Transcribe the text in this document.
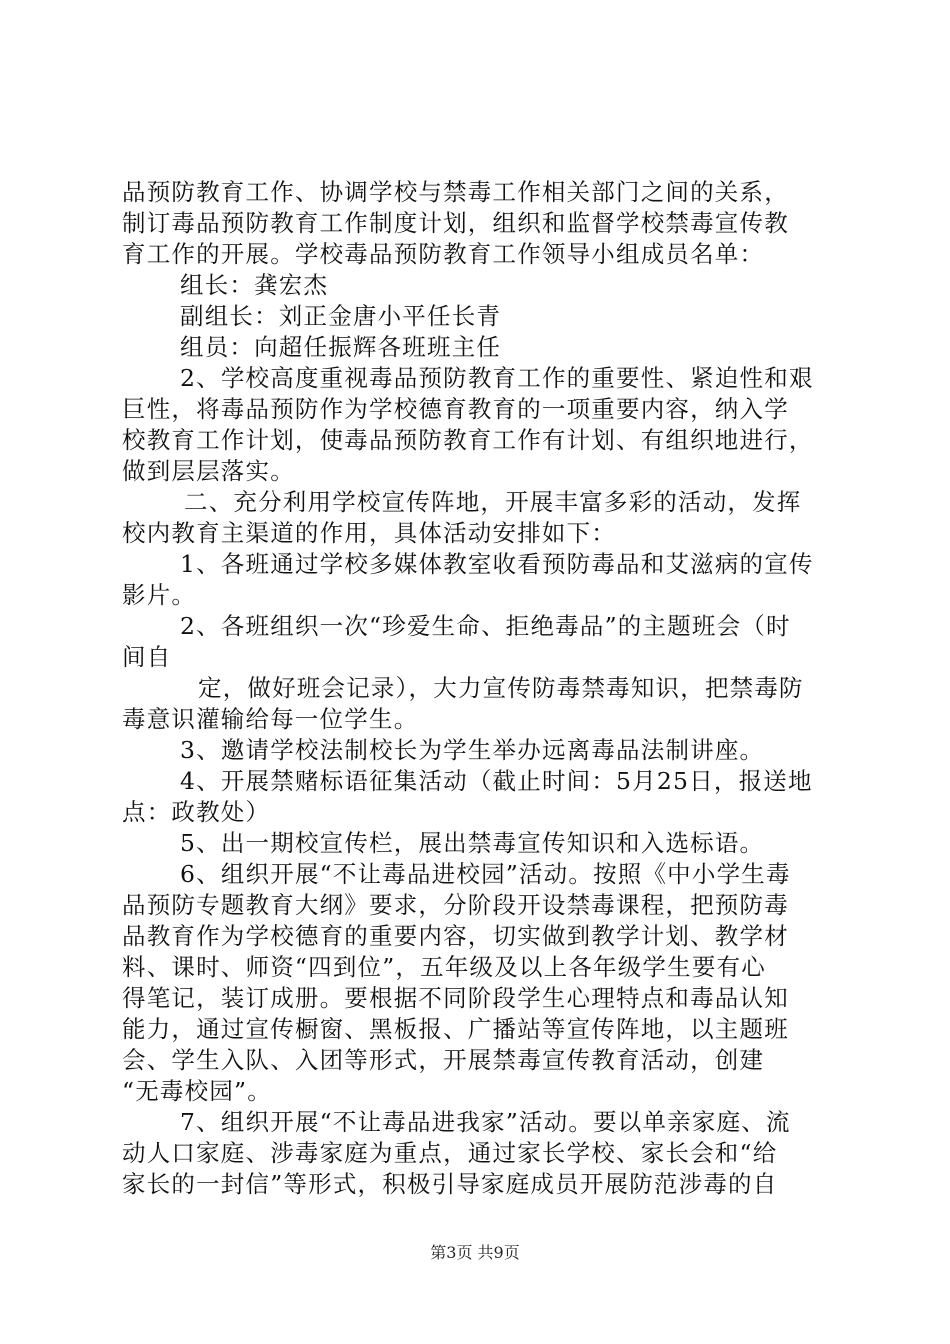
品预防教育工作、协调学校与禁毒工作相关部门之间的关系，
制订毒品预防教育工作制度计划，组织和监督学校禁毒宣传教
育工作的开展。学校毒品预防教育工作领导小组成员名单：
组长：龚宏杰
副组长：刘正金唐小平任长青
组员：向超任振辉各班班主任
2、学校高度重视毒品预防教育工作的重要性、紧迫性和艰
巨性，将毒品预防作为学校德育教育的一项重要内容，纳入学
校教育工作计划，使毒品预防教育工作有计划、有组织地进行，
做到层层落实。
二、充分利用学校宣传阵地，开展丰富多彩的活动，发挥
校内教育主渠道的作用，具体活动安排如下：
1、各班通过学校多媒体教室收看预防毒品和艾滋病的宣传
影片。
2、各班组织一次“珍爱生命、拒绝毒品”的主题班会（时
间自
定，做好班会记录），大力宣传防毒禁毒知识，把禁毒防
毒意识灌输给每一位学生。
3、邀请学校法制校长为学生举办远离毒品法制讲座。
4、开展禁赌标语征集活动（截止时间：5月25日，报送地
点：政教处）
5、出一期校宣传栏，展出禁毒宣传知识和入选标语。
6、组织开展“不让毒品进校园”活动。按照《中小学生毒
品预防专题教育大纲》要求，分阶段开设禁毒课程，把预防毒
品教育作为学校德育的重要内容，切实做到教学计划、教学材
料、课时、师资“四到位”，五年级及以上各年级学生要有心
得笔记，装订成册。要根据不同阶段学生心理特点和毒品认知
能力，通过宣传橱窗、黑板报、广播站等宣传阵地，以主题班
会、学生入队、入团等形式，开展禁毒宣传教育活动，创建
“无毒校园”。
7、组织开展“不让毒品进我家”活动。要以单亲家庭、流
动人口家庭、涉毒家庭为重点，通过家长学校、家长会和“给
家长的一封信”等形式，积极引导家庭成员开展防范涉毒的自
第3页 共9页
